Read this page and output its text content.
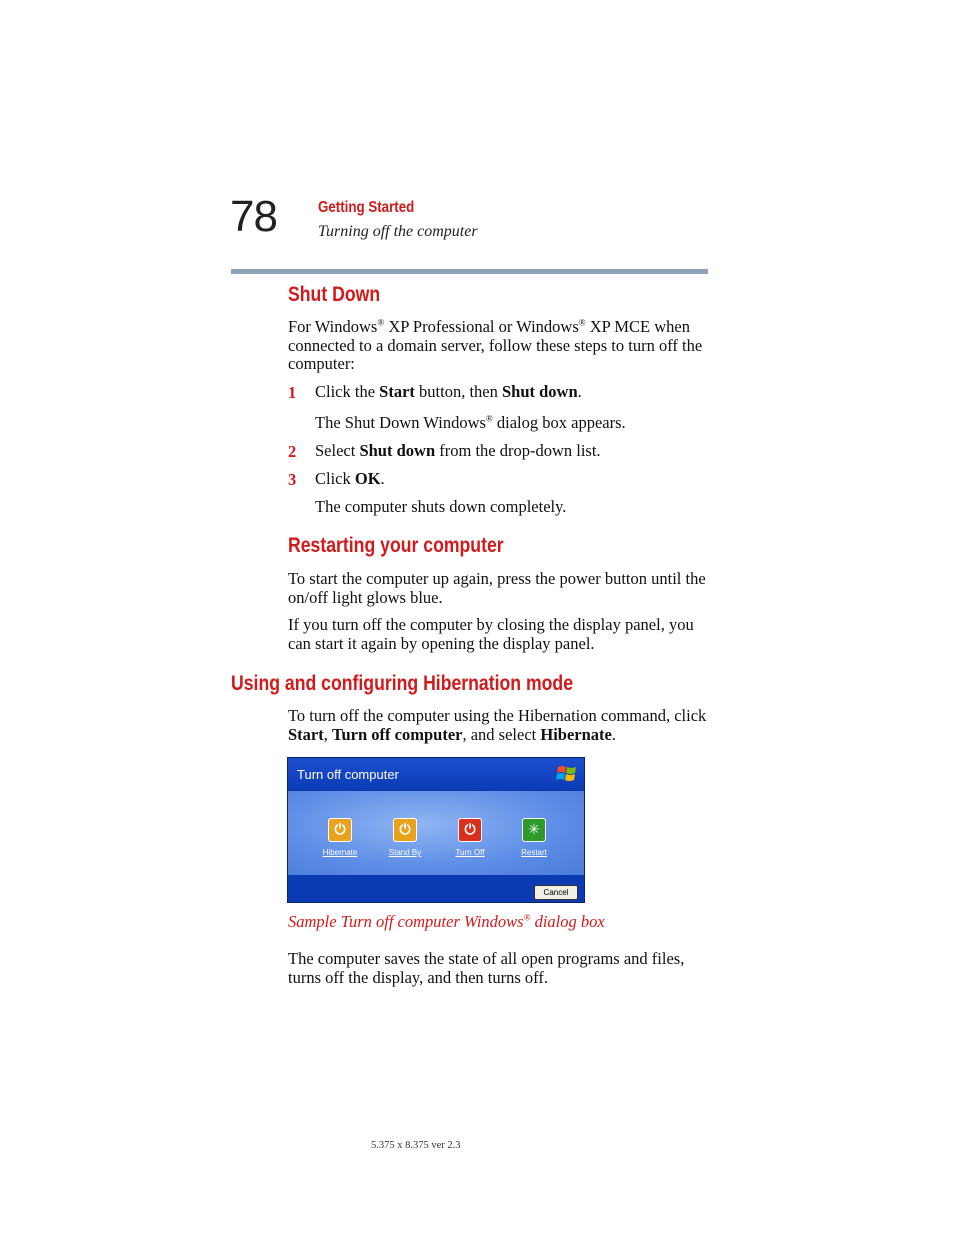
78	Getting Started
Turning off the computer
Shut Down
For Windows® XP Professional or Windows® XP MCE when connected to a domain server, follow these steps to turn off the computer:
1 Click the Start button, then Shut down.
The Shut Down Windows® dialog box appears.
2 Select Shut down from the drop-down list.
3 Click OK.
The computer shuts down completely.
Restarting your computer
To start the computer up again, press the power button until the on/off light glows blue.
If you turn off the computer by closing the display panel, you can start it again by opening the display panel.
Using and configuring Hibernation mode
To turn off the computer using the Hibernation command, click Start, Turn off computer, and select Hibernate.
Turn off computer
⏻
Hibernate
⏻
Stand By
⏻
Turn Off
✳
Restart
Cancel
Sample Turn off computer Windows® dialog box
The computer saves the state of all open programs and files, turns off the display, and then turns off.
5.375 x 8.375 ver 2.3
